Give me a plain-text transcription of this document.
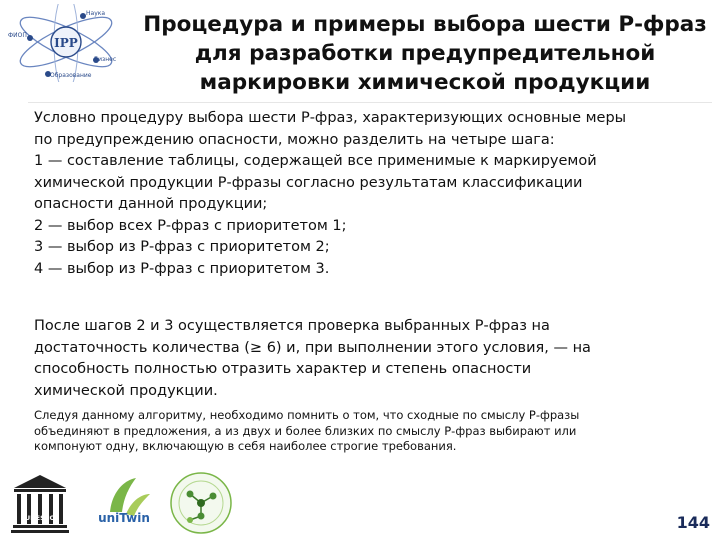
IPP
Наука
Бизнес
Образование
ФИОП	Процедура и примеры выбора шести Р-фраз
для разработки предупредительной
маркировки химической продукции
Условно процедуру выбора шести Р-фраз, характеризующих основные меры
по предупреждению опасности, можно разделить на четыре шага:
1 — составление таблицы, содержащей все применимые к маркируемой
химической продукции Р-фразы согласно результатам классификации
опасности данной продукции;
2 — выбор всех Р-фраз с приоритетом 1;
3 — выбор из Р-фраз с приоритетом 2;
4 — выбор из Р-фраз с приоритетом 3.
После шагов 2 и 3 осуществляется проверка выбранных Р-фраз на
достаточность количества (≥ 6) и, при выполнении этого условия, — на
способность полностью отразить характер и степень опасности
химической продукции.
Следуя данному алгоритму, необходимо помнить о том, что сходные по смыслу Р-фразы
объединяют в предложения, а из двух и более близких по смыслу Р-фраз выбирают или
компонуют одну, включающую в себя наиболее строгие требования.
UNESCO	uniTwin	144
